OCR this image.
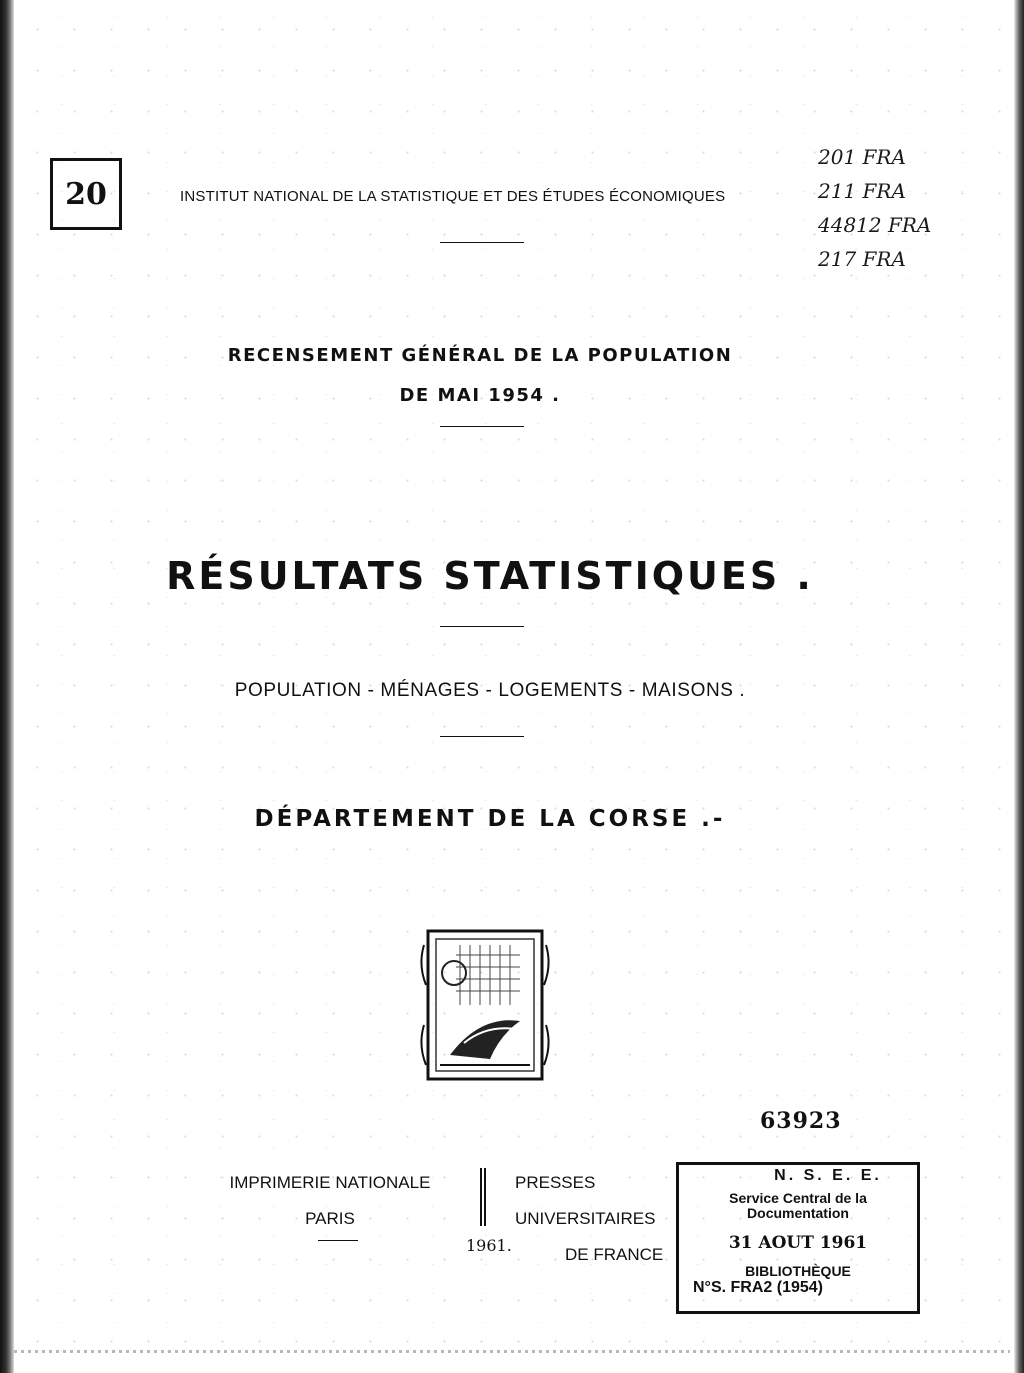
20	INSTITUT NATIONAL DE LA STATISTIQUE ET DES ÉTUDES ÉCONOMIQUES
201 FRA
211 FRA
44812 FRA
217 FRA
RECENSEMENT GÉNÉRAL DE LA POPULATION
DE MAI 1954 .
RÉSULTATS STATISTIQUES .
POPULATION - MÉNAGES - LOGEMENTS - MAISONS .
DÉPARTEMENT DE LA CORSE .-
63923
IMPRIMERIE NATIONALE
PARIS
PRESSES UNIVERSITAIRES
DE FRANCE
1961.
N. S. E. E.
Service Central de la
Documentation
31 AOUT 1961
BIBLIOTHÈQUE
N°S. FRA2 (1954)
